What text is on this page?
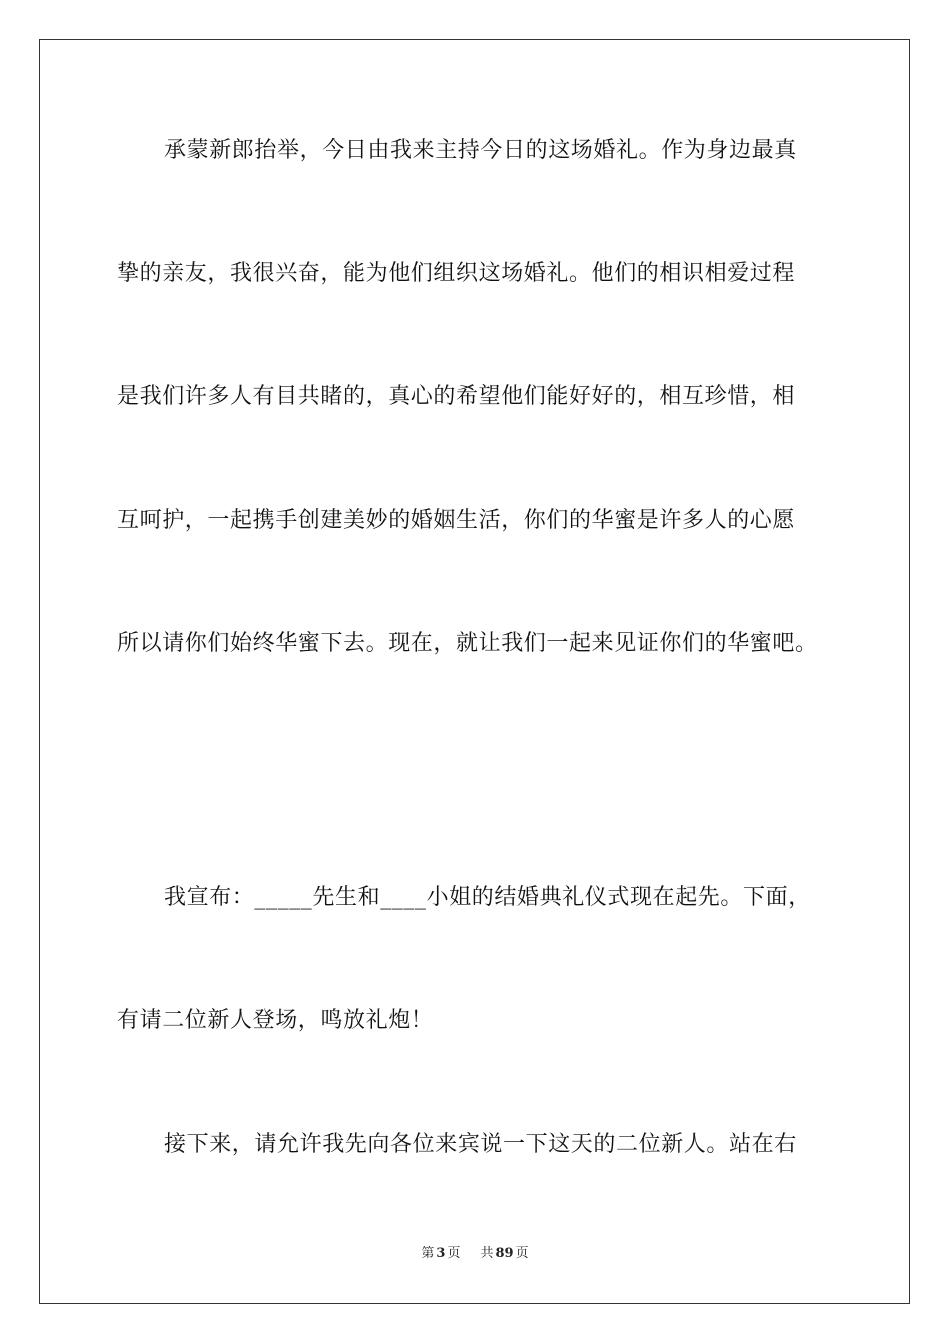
承蒙新郎抬举，今日由我来主持今日的这场婚礼。作为身边最真
挚的亲友，我很兴奋，能为他们组织这场婚礼。他们的相识相爱过程
是我们许多人有目共睹的，真心的希望他们能好好的，相互珍惜，相
互呵护，一起携手创建美妙的婚姻生活，你们的华蜜是许多人的心愿
所以请你们始终华蜜下去。现在，就让我们一起来见证你们的华蜜吧。
我宣布：_____先生和____小姐的结婚典礼仪式现在起先。下面，
有请二位新人登场，鸣放礼炮！
接下来，请允许我先向各位来宾说一下这天的二位新人。站在右
第 3 页 共 89 页
